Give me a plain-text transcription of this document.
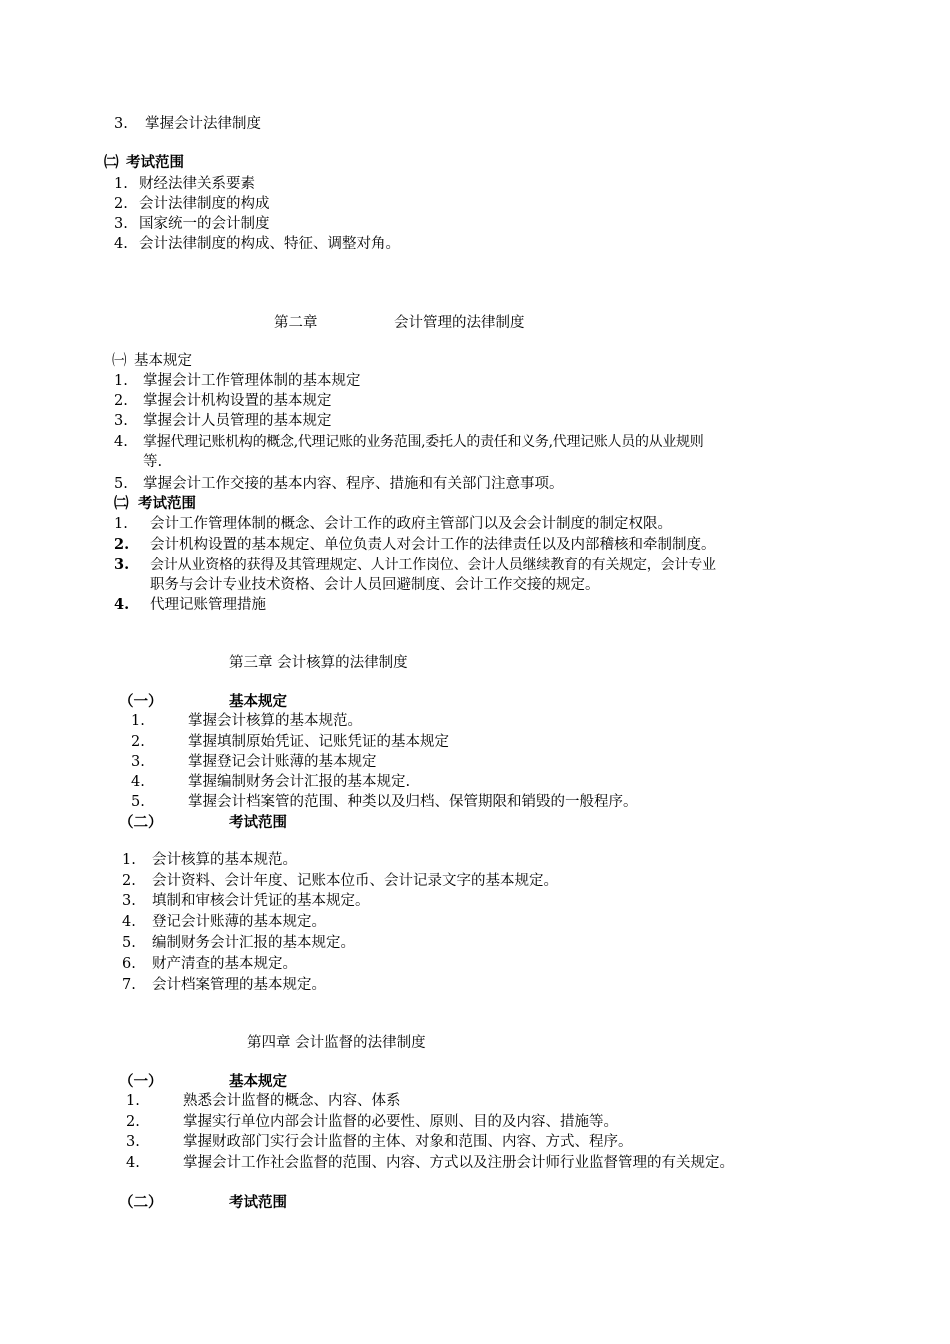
3. 掌握会计法律制度
㈡ 考试范围
1. 财经法律关系要素
2. 会计法律制度的构成
3. 国家统一的会计制度
4. 会计法律制度的构成、特征、调整对角。
第二章	会计管理的法律制度
㈠ 基本规定
1. 掌握会计工作管理体制的基本规定
2. 掌握会计机构设置的基本规定
3. 掌握会计人员管理的基本规定
4. 掌握代理记账机构的概念,代理记账的业务范围,委托人的责任和义务,代理记账人员的从业规则
等.
5. 掌握会计工作交接的基本内容、程序、措施和有关部门注意事项。
㈡ 考试范围
1. 会计工作管理体制的概念、会计工作的政府主管部门以及会会计制度的制定权限。
2. 会计机构设置的基本规定、单位负责人对会计工作的法律责任以及内部稽核和牵制制度。
3. 会计从业资格的获得及其管理规定、人计工作岗位、会计人员继续教育的有关规定，会计专业
职务与会计专业技术资格、会计人员回避制度、会计工作交接的规定。
4. 代理记账管理措施
第三章 会计核算的法律制度
（一）	基本规定
1.	掌握会计核算的基本规范。
2.	掌握填制原始凭证、记账凭证的基本规定
3.	掌握登记会计账薄的基本规定
4.	掌握编制财务会计汇报的基本规定.
5.	掌握会计档案管的范围、种类以及归档、保管期限和销毁的一般程序。
（二）	考试范围
1. 会计核算的基本规范。
2. 会计资料、会计年度、记账本位币、会计记录文字的基本规定。
3. 填制和审核会计凭证的基本规定。
4. 登记会计账薄的基本规定。
5. 编制财务会计汇报的基本规定。
6. 财产清查的基本规定。
7. 会计档案管理的基本规定。
第四章 会计监督的法律制度
（一）	基本规定
1.	熟悉会计监督的概念、内容、体系
2.	掌握实行单位内部会计监督的必要性、原则、目的及内容、措施等。
3.	掌握财政部门实行会计监督的主体、对象和范围、内容、方式、程序。
4.	掌握会计工作社会监督的范围、内容、方式以及注册会计师行业监督管理的有关规定。
（二）	考试范围
